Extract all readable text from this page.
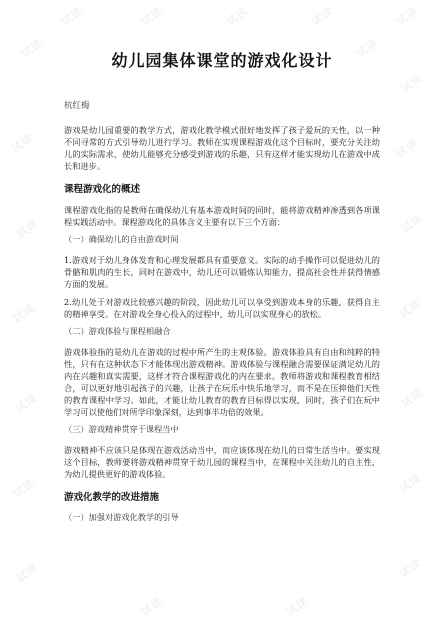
试读	试读	试读	试读	试读
试读	试读
试读
试读	试读
试读	试读
试读	试读
试读	试读
试读	试读
试读	试读
试读	试读
幼儿园集体课堂的游戏化设计
杭红梅

游戏是幼儿园重要的教学方式，游戏化教学模式很好地发挥了孩子爱玩的天性，以一种不同寻常的方式引导幼儿进行学习。教师在实现课程游戏化这个目标时，要充分关注幼儿的实际需求，使幼儿能够充分感受到游戏的乐趣，只有这样才能实现幼儿在游戏中成长和进步。

课程游戏化的概述

课程游戏化指的是教师在确保幼儿有基本游戏时间的同时，能将游戏精神渗透到各项课程实践活动中。课程游戏化的具体含义主要有以下三个方面：

（一）确保幼儿的自由游戏时间

1.游戏对于幼儿身体发育和心理发展都具有重要意义。实际的动手操作可以促进幼儿的骨骼和肌肉的生长，同时在游戏中，幼儿还可以锻炼认知能力，提高社会性并获得情感方面的发展。

2.幼儿处于对游戏比较感兴趣的阶段，因此幼儿可以享受到游戏本身的乐趣，获得自主的精神享受。在对游戏全身心投入的过程中，幼儿可以实现身心的放松。

（二）游戏体验与课程相融合

游戏体验指的是幼儿在游戏的过程中所产生的主观体验。游戏体验具有自由和纯粹的特性，只有在这种状态下才能体现出游戏精神。游戏体验与课程融合需要保证满足幼儿的内在兴趣和真实需要，这样才符合课程游戏化的内在要求。教师将游戏和课程教育相结合，可以更好地引起孩子的兴趣，让孩子在玩乐中快乐地学习，而不是在压抑他们天性的教育课程中学习。如此，才能让幼儿教育的教育目标得以实现，同时，孩子们在玩中学习可以使他们对所学印象深刻，达到事半功倍的效果。

（三）游戏精神贯穿于课程当中

游戏精神不应该只是体现在游戏活动当中，而应该体现在幼儿的日常生活当中。要实现这个目标，教师要将游戏精神贯穿于幼儿园的课程当中，在课程中关注幼儿的自主性，为幼儿提供更好的游戏体验。

游戏化教学的改进措施
（一）加强对游戏化教学的引导
